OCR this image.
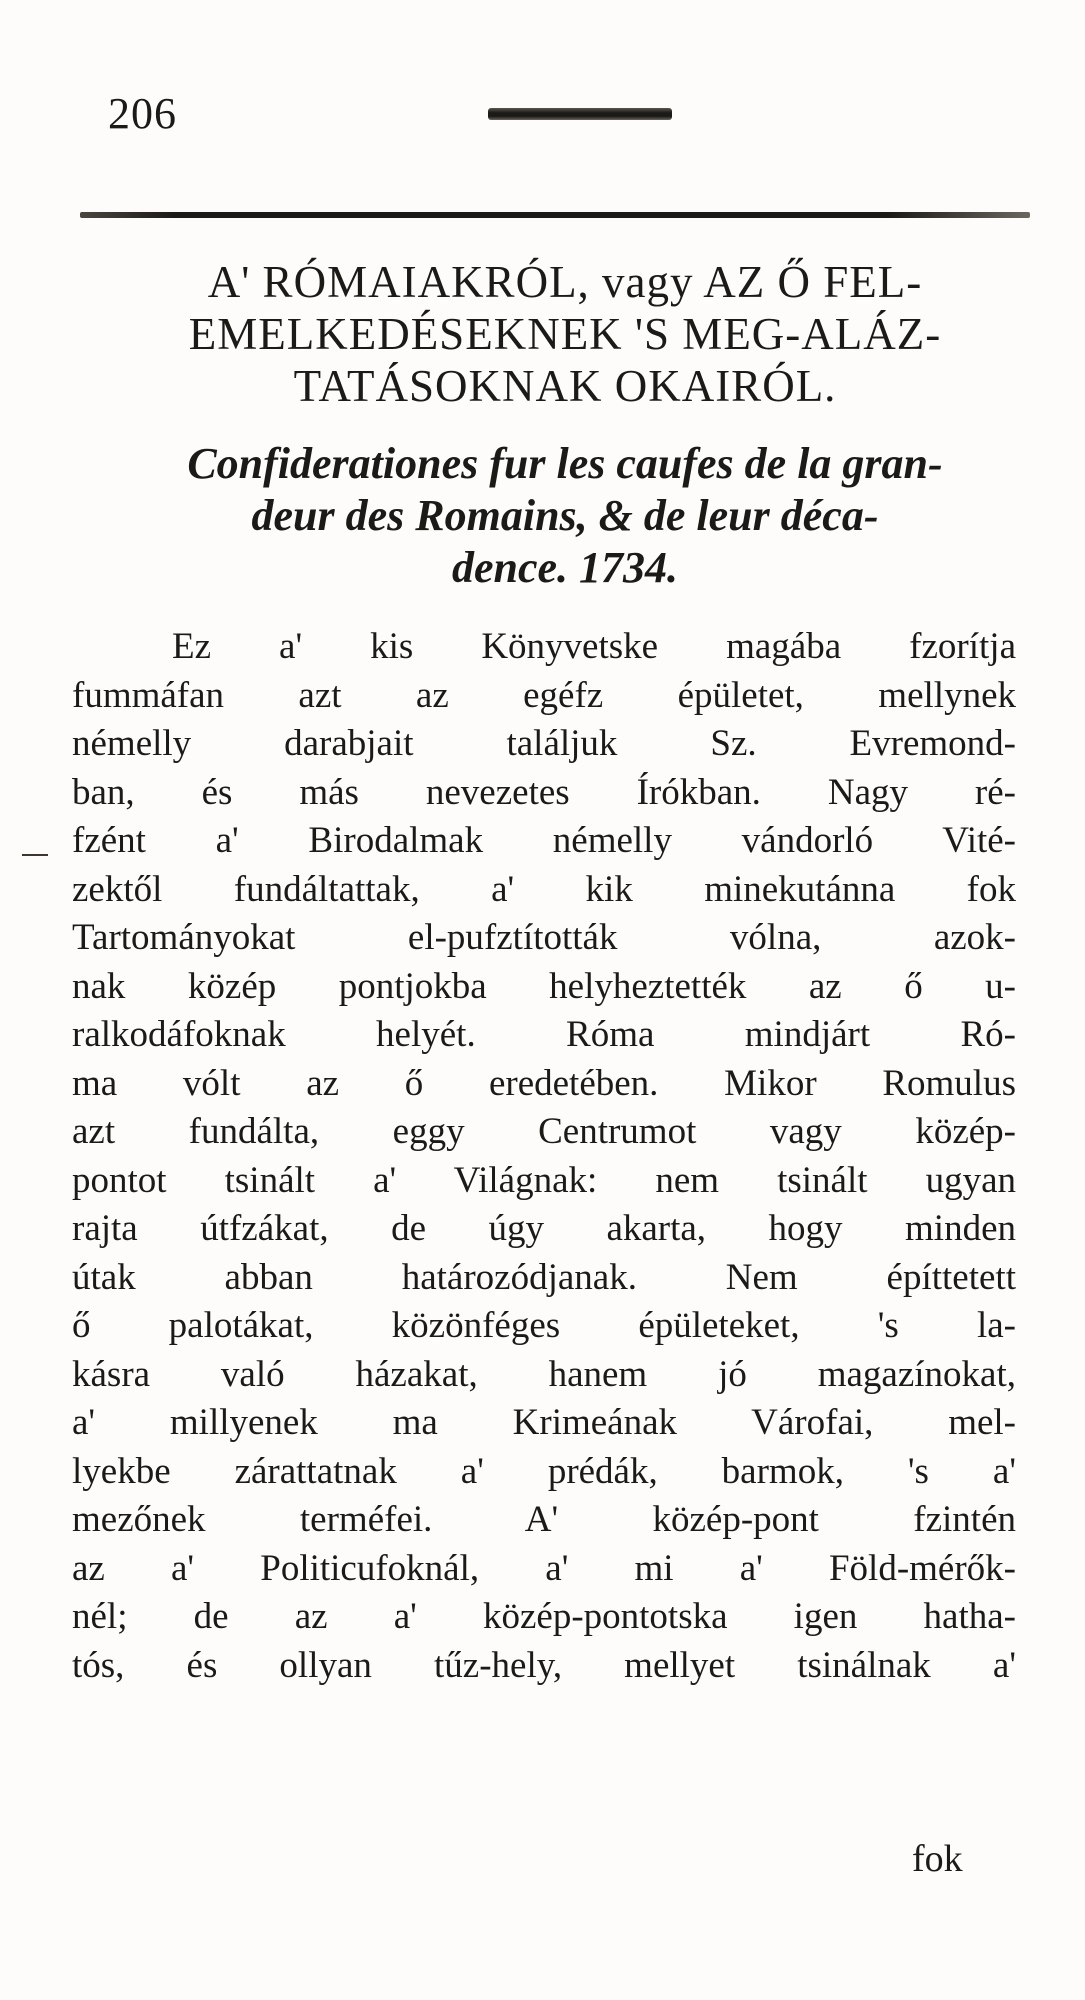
206
A' RÓMAIAKRÓL, vagy AZ Ő FEL-
EMELKEDÉSEKNEK 'S MEG-ALÁZ-
TATÁSOKNAK OKAIRÓL.
Confiderationes fur les caufes de la gran-
deur des Romains, & de leur déca-
dence. 1734.

Ez a' kis Könyvetske magába fzorítja
fummáfan azt az egéfz épületet, mellynek
némelly darabjait találjuk Sz. Evremond-
ban, és más nevezetes Írókban. Nagy ré-
fzént a' Birodalmak némelly vándorló Vité-
zektől fundáltattak, a' kik minekutánna fok
Tartományokat el-pufztították vólna, azok-
nak közép pontjokba helyheztették az ő u-
ralkodáfoknak helyét. Róma mindjárt Ró-
ma vólt az ő eredetében. Mikor Romulus
azt fundálta, eggy Centrumot vagy közép-
pontot tsinált a' Világnak: nem tsinált ugyan
rajta útfzákat, de úgy akarta, hogy minden
útak abban határozódjanak. Nem építtetett
ő palotákat, közönféges épületeket, 's la-
kásra való házakat, hanem jó magazínokat,
a' millyenek ma Krimeának Várofai, mel-
lyekbe zárattatnak a' prédák, barmok, 's a'
mezőnek terméfei. A' közép-pont fzintén
az a' Politicufoknál, a' mi a' Föld-mérők-
nél; de az a' közép-pontotska igen hatha-
tós, és ollyan tűz-hely, mellyet tsinálnak a'

fok
